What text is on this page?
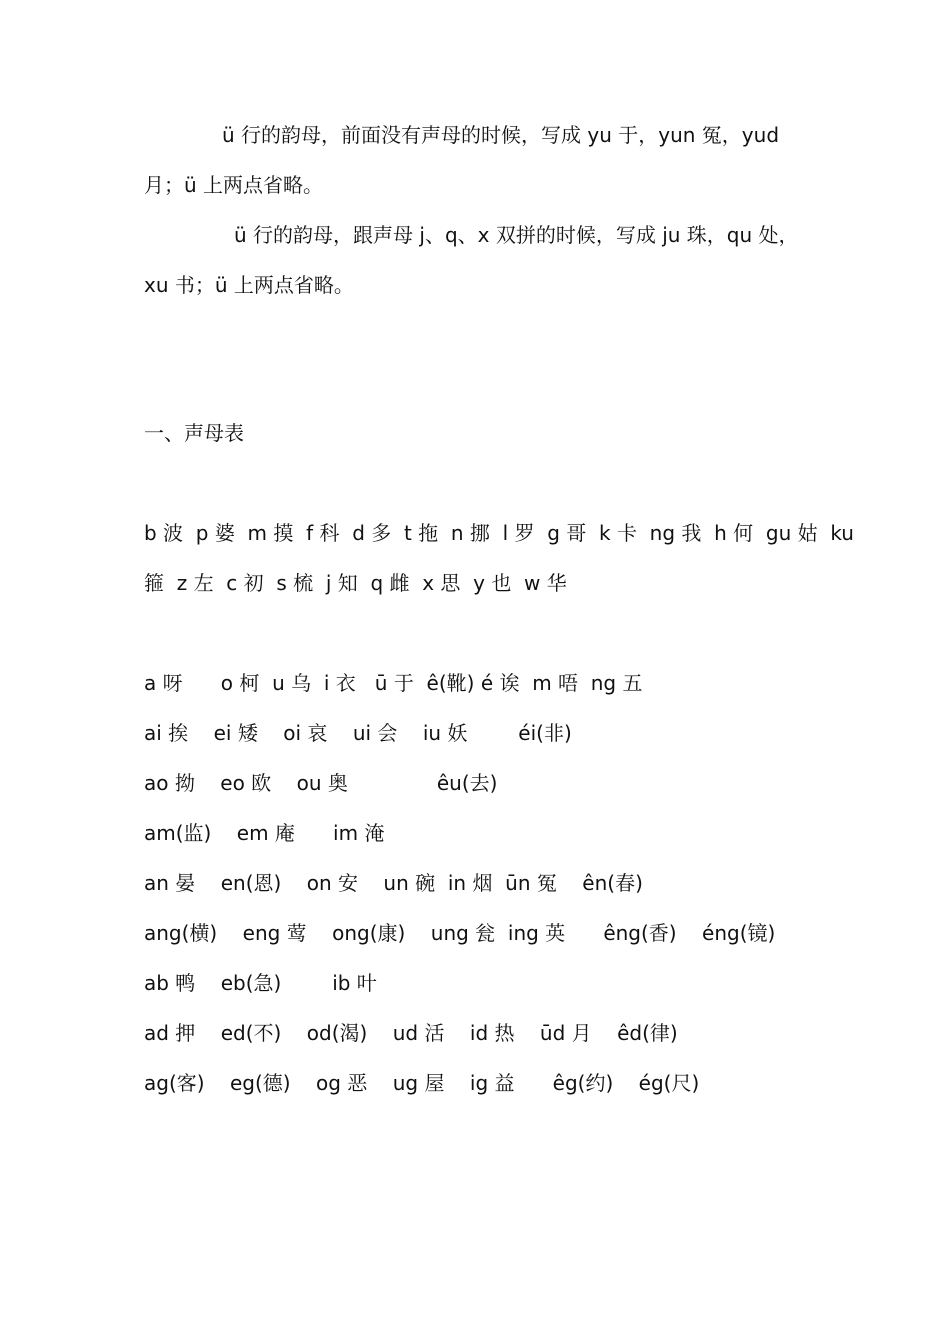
ü 行的韵母，前面没有声母的时候，写成 yu 于，yun 冤，yud
月；ü 上两点省略。
ü 行的韵母，跟声母 j、q、x 双拼的时候，写成 ju 珠，qu 处，
xu 书；ü 上两点省略。
一、声母表
b 波  p 婆  m 摸  f 科  d 多  t 拖  n 挪  l 罗  g 哥  k 卡  ng 我  h 何  gu 姑  ku
箍  z 左  c 初  s 梳  j 知  q 雌  x 思  y 也  w 华
a 呀      o 柯  u 乌  i 衣   ū 于  ê(靴) é 诶  m 唔  ng 五
ai 挨    ei 矮    oi 哀    ui 会    iu 妖        éi(非)
ao 拗    eo 欧    ou 奥              êu(去)
am(监)    em 庵      im 淹
an 晏    en(恩)    on 安    un 碗  in 烟  ūn 冤    ên(春)
ang(横)    eng 莺    ong(康)    ung 瓮  ing 英      êng(香)    éng(镜)
ab 鸭    eb(急)        ib 叶
ad 押    ed(不)    od(渴)    ud 活    id 热    ūd 月    êd(律)
ag(客)    eg(德)    og 恶    ug 屋    ig 益      êg(约)    ég(尺)
